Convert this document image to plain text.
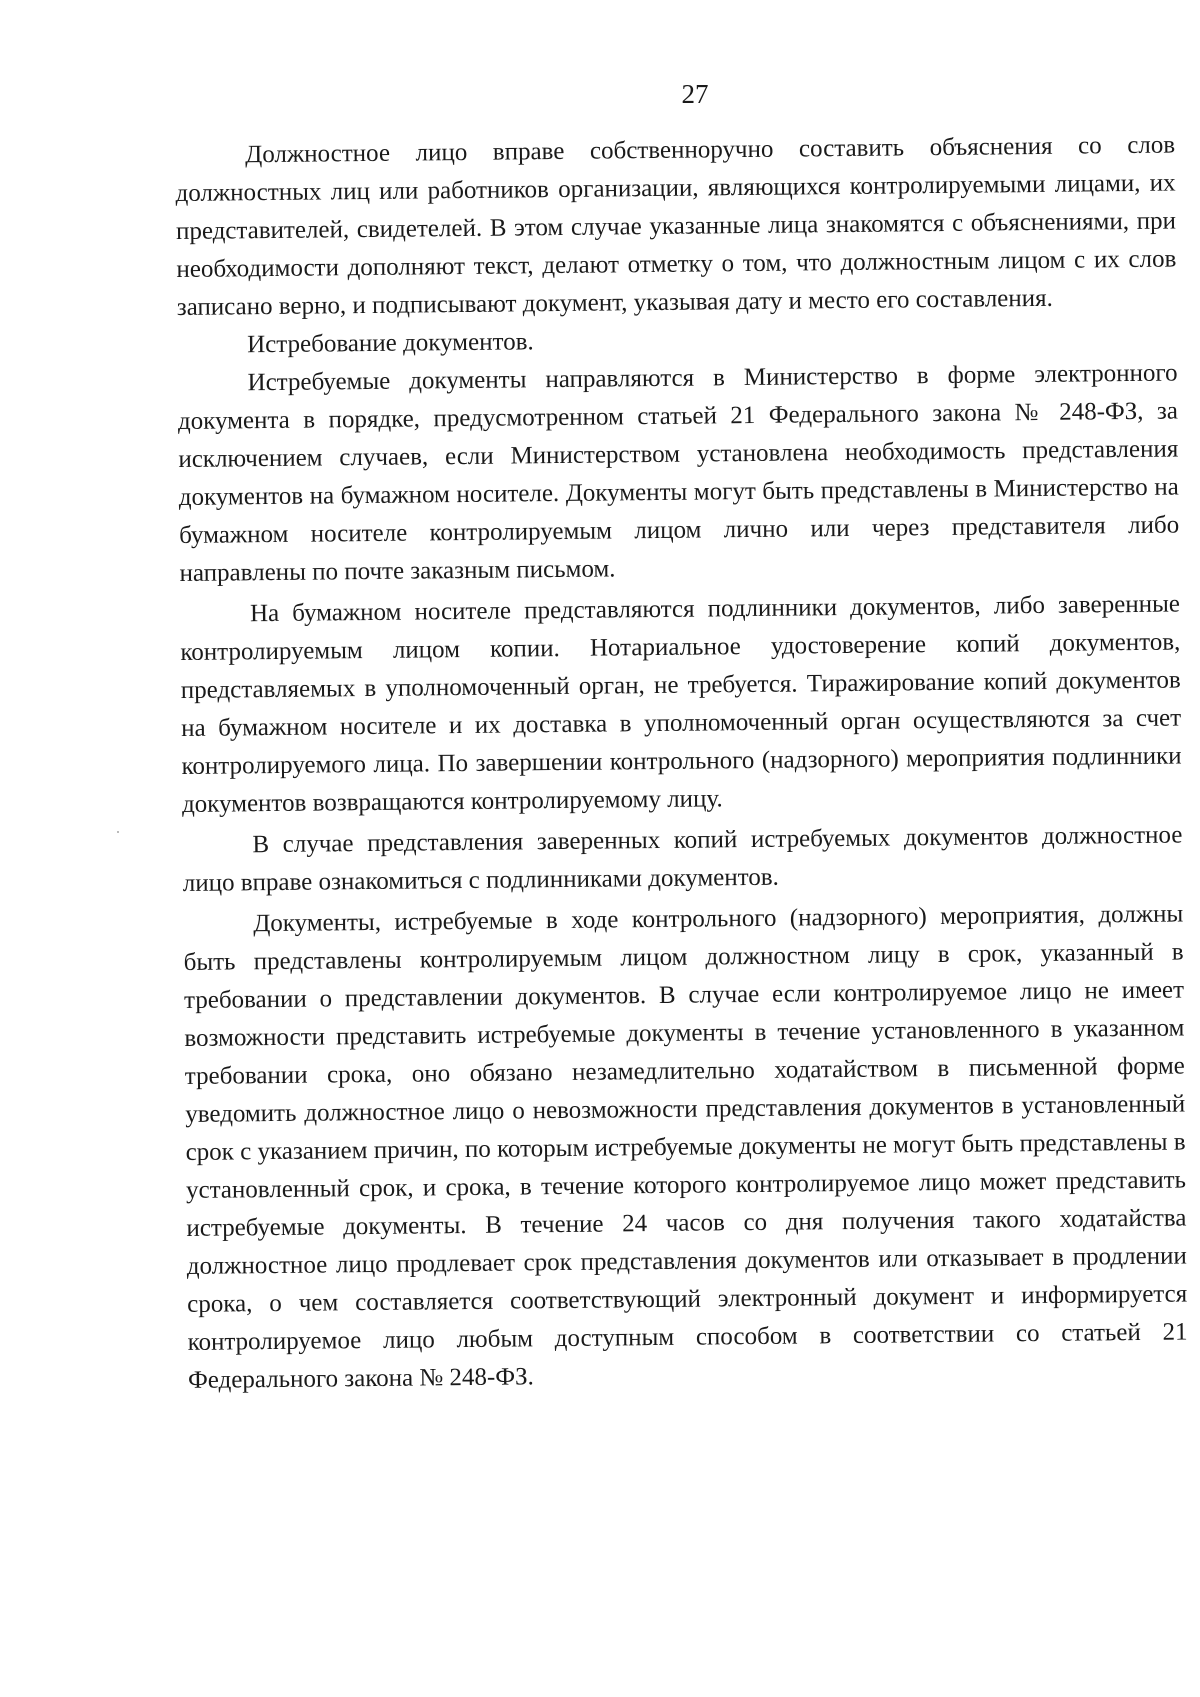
27

Должностное лицо вправе собственноручно составить объяснения со слов должностных лиц или работников организации, являющихся контролируемыми лицами, их представителей, свидетелей. В этом случае указанные лица знакомятся с объяснениями, при необходимости дополняют текст, делают отметку о том, что должностным лицом с их слов записано верно, и подписывают документ, указывая дату и место его составления.

Истребование документов.

Истребуемые документы направляются в Министерство в форме электронного документа в порядке, предусмотренном статьей 21 Федерального закона № 248-ФЗ, за исключением случаев, если Министерством установлена необходимость представления документов на бумажном носителе. Документы могут быть представлены в Министерство на бумажном носителе контролируемым лицом лично или через представителя либо направлены по почте заказным письмом.

На бумажном носителе представляются подлинники документов, либо заверенные контролируемым лицом копии. Нотариальное удостоверение копий документов, представляемых в уполномоченный орган, не требуется. Тиражирование копий документов на бумажном носителе и их доставка в уполномоченный орган осуществляются за счет контролируемого лица. По завершении контрольного (надзорного) мероприятия подлинники документов возвращаются контролируемому лицу.

В случае представления заверенных копий истребуемых документов должностное лицо вправе ознакомиться с подлинниками документов.

Документы, истребуемые в ходе контрольного (надзорного) мероприятия, должны быть представлены контролируемым лицом должностном лицу в срок, указанный в требовании о представлении документов. В случае если контролируемое лицо не имеет возможности представить истребуемые документы в течение установленного в указанном требовании срока, оно обязано незамедлительно ходатайством в письменной форме уведомить должностное лицо о невозможности представления документов в установленный срок с указанием причин, по которым истребуемые документы не могут быть представлены в установленный срок, и срока, в течение которого контролируемое лицо может представить истребуемые документы. В течение 24 часов со дня получения такого ходатайства должностное лицо продлевает срок представления документов или отказывает в продлении срока, о чем составляется соответствующий электронный документ и информируется контролируемое лицо любым доступным способом в соответствии со статьей 21 Федерального закона № 248-ФЗ.
